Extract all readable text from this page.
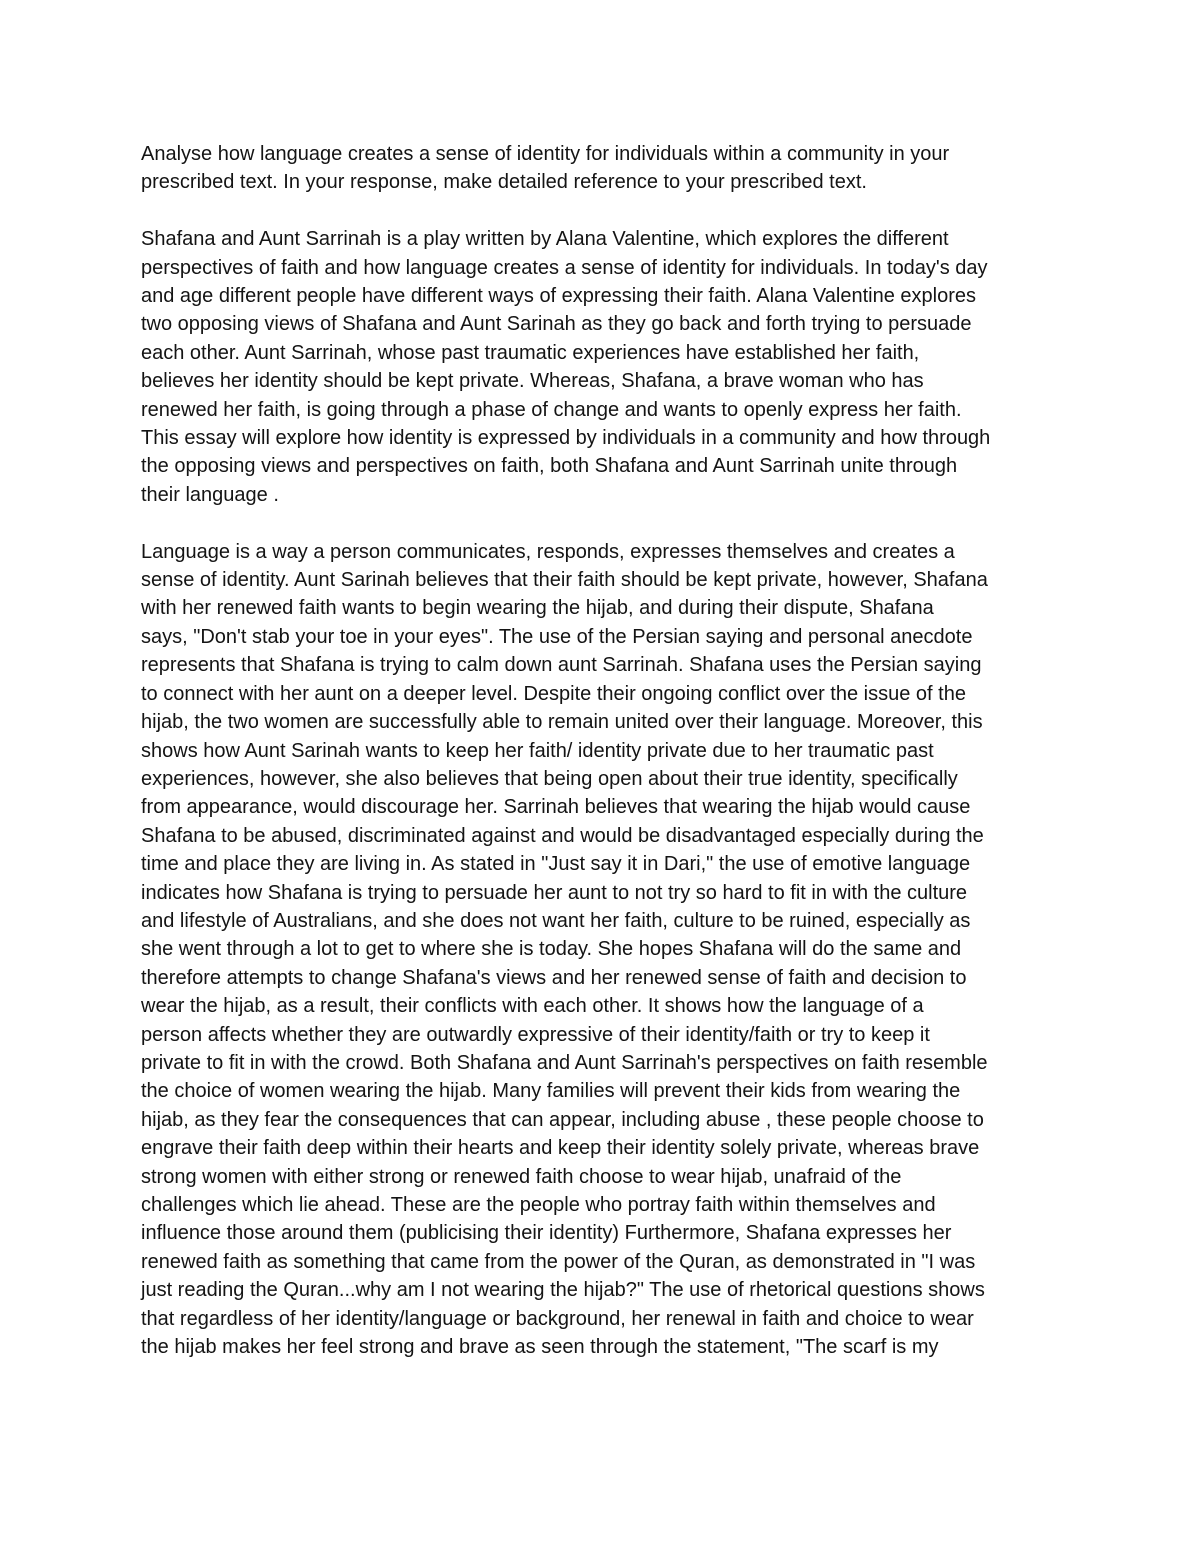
Analyse how language creates a sense of identity for individuals within a community in your
prescribed text. In your response, make detailed reference to your prescribed text.

Shafana and Aunt Sarrinah is a play written by Alana Valentine, which explores the different
perspectives of faith and how language creates a sense of identity for individuals. In today's day
and age different people have different ways of expressing their faith. Alana Valentine explores
two opposing views of Shafana and Aunt Sarinah as they go back and forth trying to persuade
each other. Aunt Sarrinah, whose past traumatic experiences have established her faith,
believes her identity should be kept private. Whereas, Shafana, a brave woman who has
renewed her faith, is going through a phase of change and wants to openly express her faith.
This essay will explore how identity is expressed by individuals in a community and how through
the opposing views and perspectives on faith, both Shafana and Aunt Sarrinah unite through
their language .

Language is a way a person communicates, responds, expresses themselves and creates a
sense of identity. Aunt Sarinah believes that their faith should be kept private, however, Shafana
with her renewed faith wants to begin wearing the hijab, and during their dispute, Shafana
says, "Don't stab your toe in your eyes". The use of the Persian saying and personal anecdote
represents that Shafana is trying to calm down aunt Sarrinah. Shafana uses the Persian saying
to connect with her aunt on a deeper level. Despite their ongoing conflict over the issue of the
hijab, the two women are successfully able to remain united over their language. Moreover, this
shows how Aunt Sarinah wants to keep her faith/ identity private due to her traumatic past
experiences, however, she also believes that being open about their true identity, specifically
from appearance, would discourage her. Sarrinah believes that wearing the hijab would cause
Shafana to be abused, discriminated against and would be disadvantaged especially during the
time and place they are living in. As stated in "Just say it in Dari," the use of emotive language
indicates how Shafana is trying to persuade her aunt to not try so hard to fit in with the culture
and lifestyle of Australians, and she does not want her faith, culture to be ruined, especially as
she went through a lot to get to where she is today. She hopes Shafana will do the same and
therefore attempts to change Shafana's views and her renewed sense of faith and decision to
wear the hijab, as a result, their conflicts with each other. It shows how the language of a
person affects whether they are outwardly expressive of their identity/faith or try to keep it
private to fit in with the crowd. Both Shafana and Aunt Sarrinah's perspectives on faith resemble
the choice of women wearing the hijab. Many families will prevent their kids from wearing the
hijab, as they fear the consequences that can appear, including abuse , these people choose to
engrave their faith deep within their hearts and keep their identity solely private, whereas brave
strong women with either strong or renewed faith choose to wear hijab, unafraid of the
challenges which lie ahead. These are the people who portray faith within themselves and
influence those around them (publicising their identity) Furthermore, Shafana expresses her
renewed faith as something that came from the power of the Quran, as demonstrated in "I was
just reading the Quran...why am I not wearing the hijab?" The use of rhetorical questions shows
that regardless of her identity/language or background, her renewal in faith and choice to wear
the hijab makes her feel strong and brave as seen through the statement, "The scarf is my
